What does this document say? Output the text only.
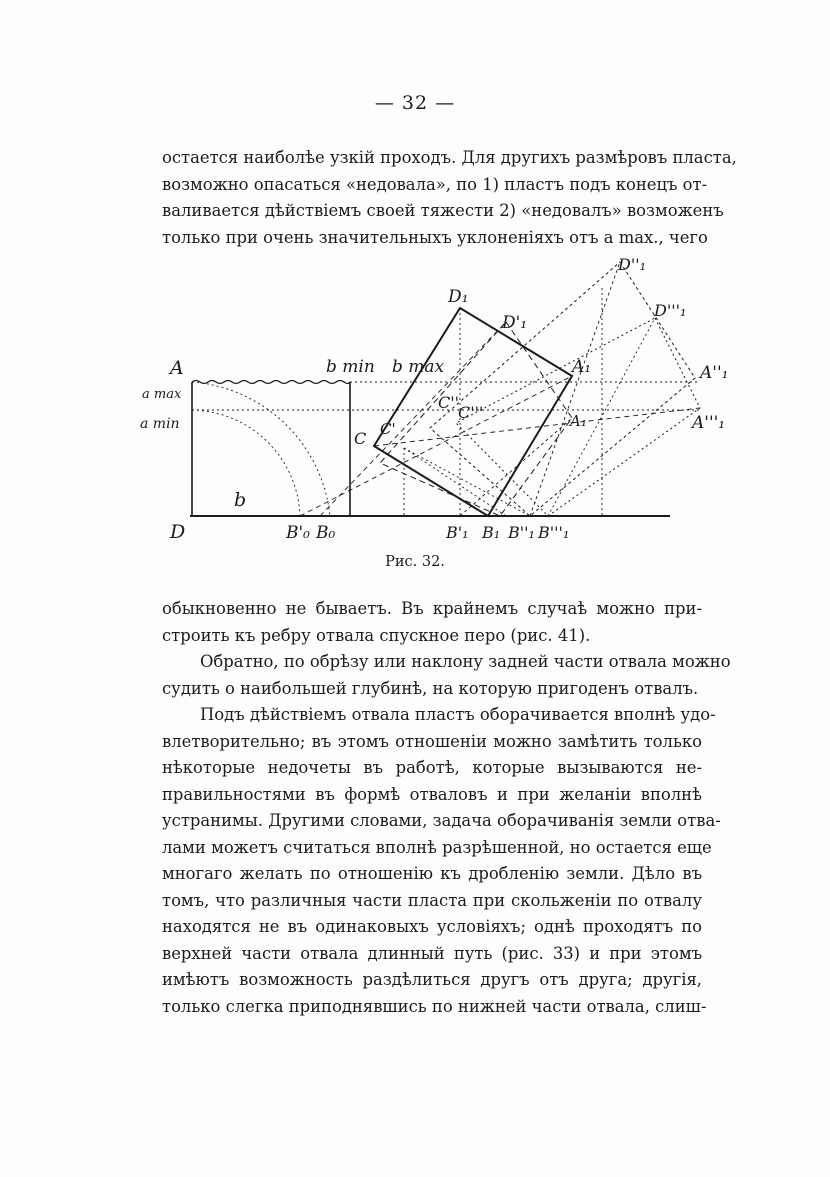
— 32 —
остается наиболѣе узкій проходъ. Для другихъ размѣровъ пласта,
возможно опасаться «недовала», по 1) пластъ подъ конецъ от-
валивается дѣйствіемъ своей тяжести 2) «недовалъ» возможенъ
только при очень значительныхъ уклоненіяхъ отъ a max., чего
A
a max
a min
D
b
b min b max
B'₀ B₀
C C'
C''
C'''
D₁
D'₁
D''₁
D'''₁
A₁
A₁
A''₁
A'''₁
B'₁ B₁ B''₁ B'''₁
Рис. 32.
обыкновенно не бываетъ. Въ крайнемъ случаѣ можно при-
строить къ ребру отвала спускное перо (рис. 41).
Обратно, по обрѣзу или наклону задней части отвала можно
судить о наибольшей глубинѣ, на которую пригоденъ отвалъ.
Подъ дѣйствіемъ отвала пластъ оборачивается вполнѣ удо-
влетворительно; въ этомъ отношеніи можно замѣтить только
нѣкоторые недочеты въ работѣ, которые вызываются не-
правильностями въ формѣ отваловъ и при желаніи вполнѣ
устранимы. Другими словами, задача оборачиванія земли отва-
лами можетъ считаться вполнѣ разрѣшенной, но остается еще
многаго желать по отношенію къ дробленію земли. Дѣло въ
томъ, что различныя части пласта при скольженіи по отвалу
находятся не въ одинаковыхъ условіяхъ; однѣ проходятъ по
верхней части отвала длинный путь (рис. 33) и при этомъ
имѣютъ возможность раздѣлиться другъ отъ друга; другія,
только слегка приподнявшись по нижней части отвала, слиш-
